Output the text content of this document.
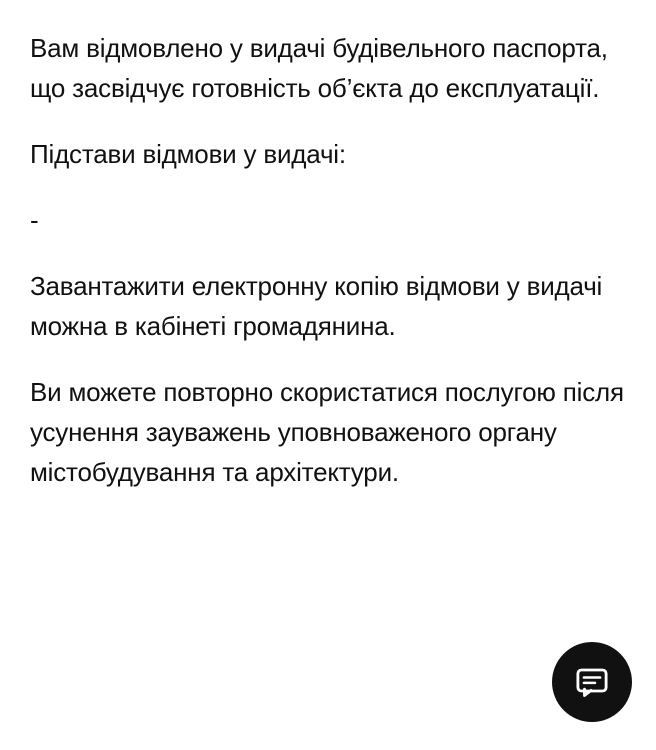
Вам відмовлено у видачі будівельного паспорта, що засвідчує готовність об’єкта до експлуатації.

Підстави відмови у видачі:

-

Завантажити електронну копію відмови у видачі можна в кабінеті громадянина.

Ви можете повторно скористатися послугою після усунення зауважень уповноваженого органу містобудування та архітектури.
